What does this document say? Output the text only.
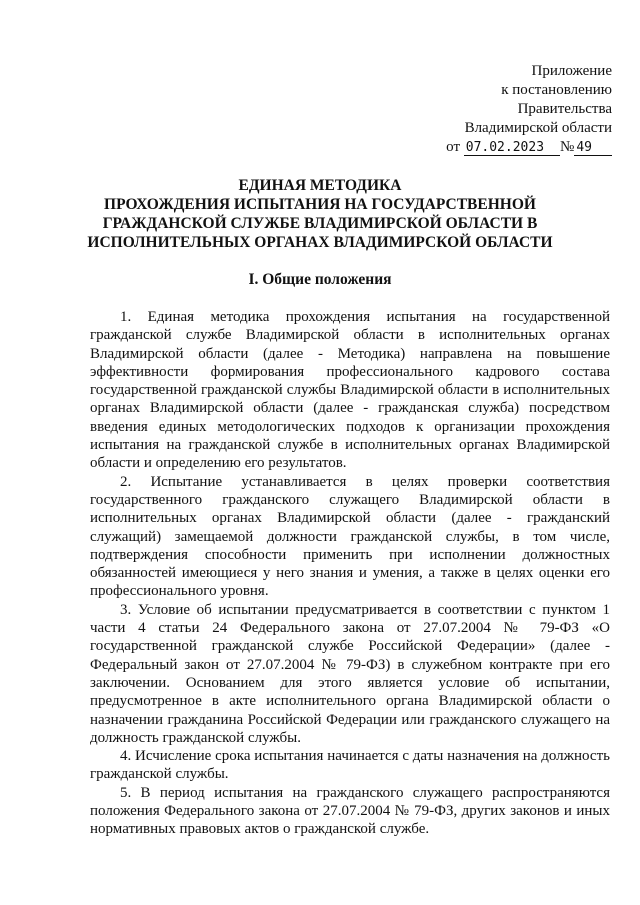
Приложение
к постановлению
Правительства
Владимирской области
от 07.02.2023 № 49
ЕДИНАЯ МЕТОДИКА
ПРОХОЖДЕНИЯ ИСПЫТАНИЯ НА ГОСУДАРСТВЕННОЙ
ГРАЖДАНСКОЙ СЛУЖБЕ ВЛАДИМИРСКОЙ ОБЛАСТИ В
ИСПОЛНИТЕЛЬНЫХ ОРГАНАХ ВЛАДИМИРСКОЙ ОБЛАСТИ
I. Общие положения

1. Единая методика прохождения испытания на государственной гражданской службе Владимирской области в исполнительных органах Владимирской области (далее - Методика) направлена на повышение эффективности формирования профессионального кадрового состава государственной гражданской службы Владимирской области в исполнительных органах Владимирской области (далее - гражданская служба) посредством введения единых методологических подходов к организации прохождения испытания на гражданской службе в исполнительных органах Владимирской области и определению его результатов.

2. Испытание устанавливается в целях проверки соответствия государственного гражданского служащего Владимирской области в исполнительных органах Владимирской области (далее - гражданский служащий) замещаемой должности гражданской службы, в том числе, подтверждения способности применить при исполнении должностных обязанностей имеющиеся у него знания и умения, а также в целях оценки его профессионального уровня.

3. Условие об испытании предусматривается в соответствии с пунктом 1 части 4 статьи 24 Федерального закона от 27.07.2004 № 79-ФЗ «О государственной гражданской службе Российской Федерации» (далее - Федеральный закон от 27.07.2004 № 79-ФЗ) в служебном контракте при его заключении. Основанием для этого является условие об испытании, предусмотренное в акте исполнительного органа Владимирской области о назначении гражданина Российской Федерации или гражданского служащего на должность гражданской службы.

4. Исчисление срока испытания начинается с даты назначения на должность гражданской службы.

5. В период испытания на гражданского служащего распространяются положения Федерального закона от 27.07.2004 № 79-ФЗ, других законов и иных нормативных правовых актов о гражданской службе.
